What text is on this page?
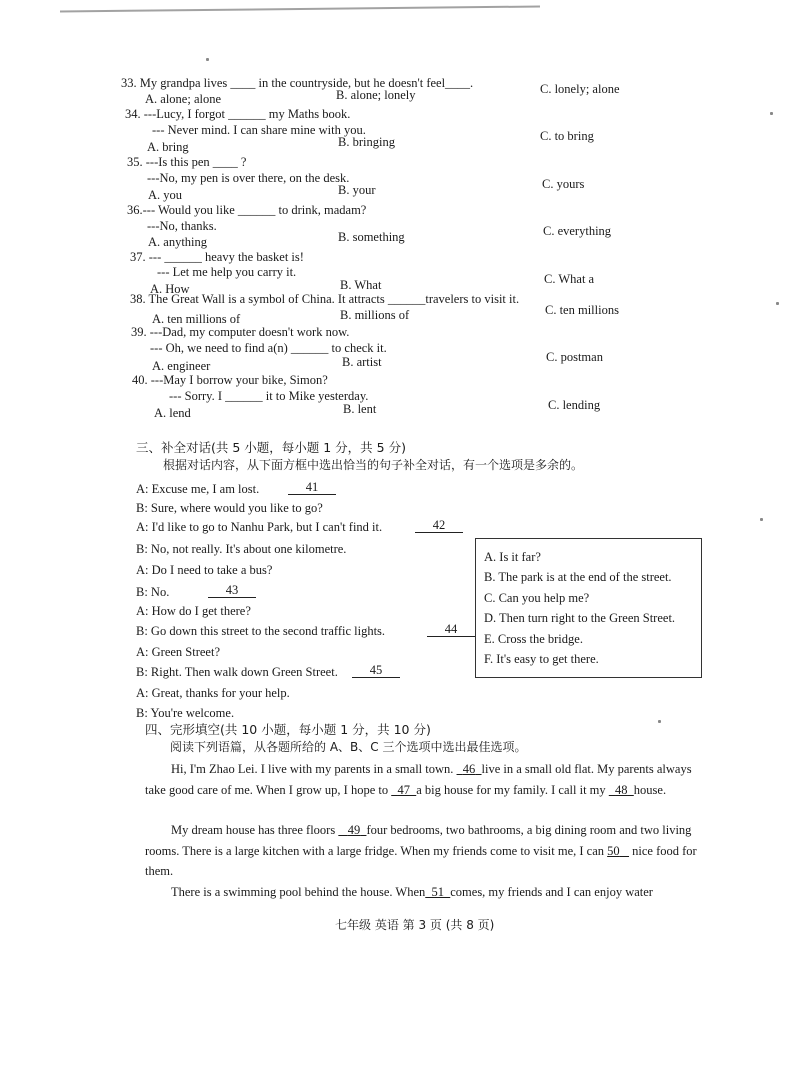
33. My grandpa lives ____ in the countryside, but he doesn't feel____.
A. alone; alone	B. alone; lonely	C. lonely; alone
34. ---Lucy, I forgot ______ my Maths book.
--- Never mind. I can share mine with you.
A. bring	B. bringing	C. to bring
35. ---Is this pen ____ ?
---No, my pen is over there, on the desk.
A. you	B. your	C. yours
36.--- Would you like ______ to drink, madam?
---No, thanks.
A. anything	B. something	C. everything
37. --- ______ heavy the basket is!
--- Let me help you carry it.
A. How	B. What	C. What a
38. The Great Wall is a symbol of China. It attracts ______travelers to visit it.
A. ten millions of	B. millions of	C. ten millions
39. ---Dad, my computer doesn't work now.
--- Oh, we need to find a(n) ______ to check it.
A. engineer	B. artist	C. postman
40. ---May I borrow your bike, Simon?
--- Sorry. I ______ it to Mike yesterday.
A. lend	B. lent	C. lending
三、补全对话(共 5 小题，每小题 1 分，共 5 分)
根据对话内容，从下面方框中选出恰当的句子补全对话，有一个选项是多余的。
A: Excuse me, I am lost.	41
B: Sure, where would you like to go?
A: I'd like to go to Nanhu Park, but I can't find it.	42
B: No, not really. It's about one kilometre.
A: Do I need to take a bus?
B: No.	43
A: How do I get there?
B: Go down this street to the second traffic lights.	44
A: Green Street?
B: Right. Then walk down Green Street.	45
A: Great, thanks for your help.
B: You're welcome.
A. Is it far?
B. The park is at the end of the street.
C. Can you help me?
D. Then turn right to the Green Street.
E. Cross the bridge.
F. It's easy to get there.
四、完形填空(共 10 小题，每小题 1 分，共 10 分)
阅读下列语篇，从各题所给的 A、B、C 三个选项中选出最佳选项。
Hi, I'm Zhao Lei. I live with my parents in a small town. 46 live in a small old flat. My parents always take good care of me. When I grow up, I hope to 47 a big house for my family. I call it my 48 house.
My dream house has three floors 49 four bedrooms, two bathrooms, a big dining room and two living rooms. There is a large kitchen with a large fridge. When my friends come to visit me, I can 50 nice food for them.
There is a swimming pool behind the house. When 51 comes, my friends and I can enjoy water
七年级 英语 第 3 页 (共 8 页)
